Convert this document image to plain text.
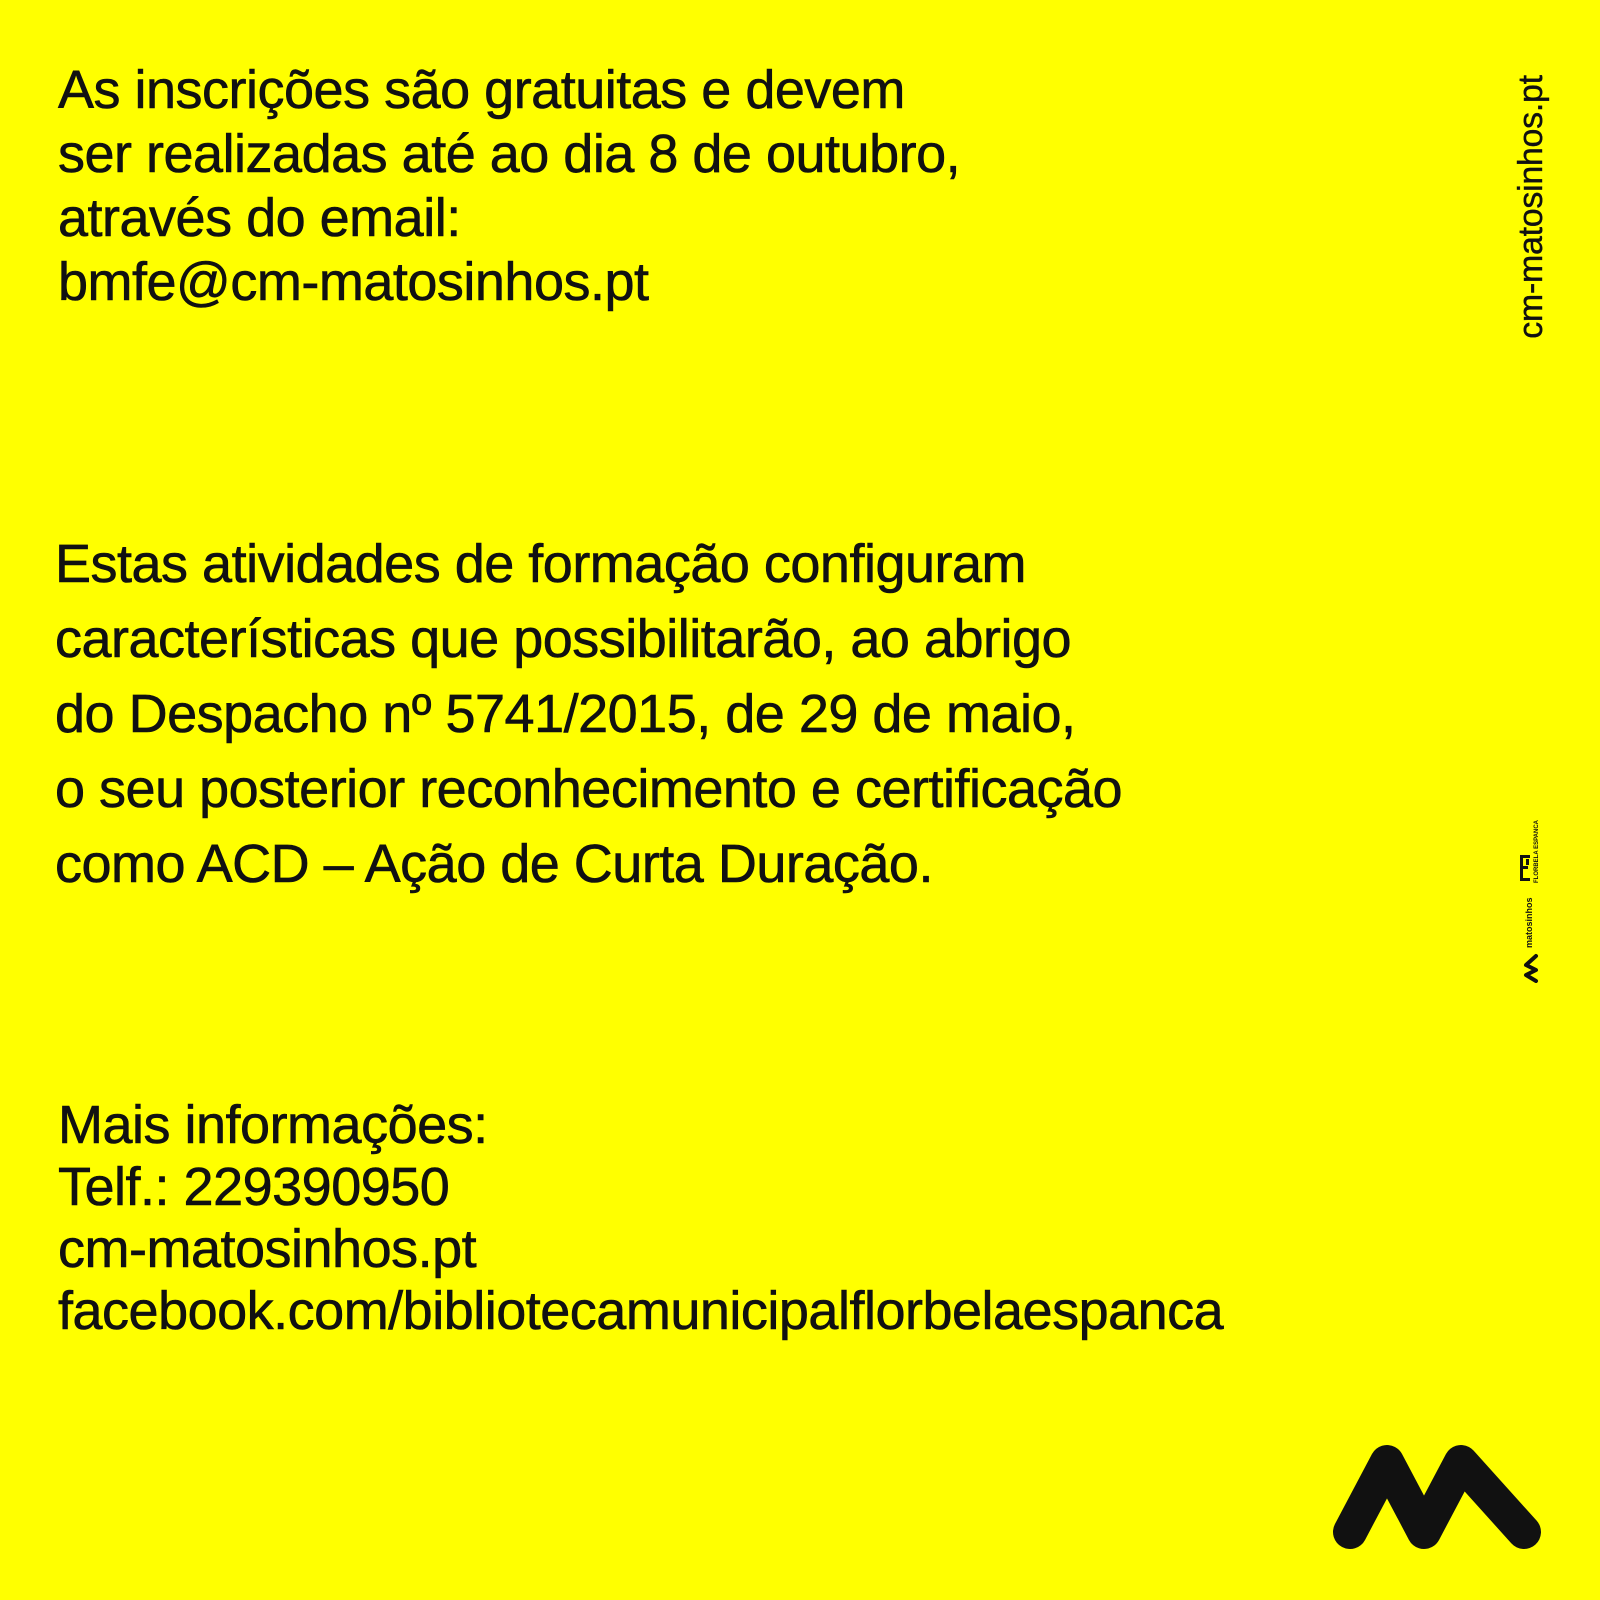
As inscrições são gratuitas e devem

ser realizadas até ao dia 8 de outubro,

através do email:

bmfe@cm-matosinhos.pt

Estas atividades de formação configuram

características que possibilitarão, ao abrigo

do Despacho nº 5741/2015, de 29 de maio,

o seu posterior reconhecimento e certificação

como ACD – Ação de Curta Duração.

Mais informações:

Telf.: 229390950

cm-matosinhos.pt

facebook.com/bibliotecamunicipalflorbelaespanca

cm-matosinhos.pt
FLORBELA ESPANCA
matosinhos
